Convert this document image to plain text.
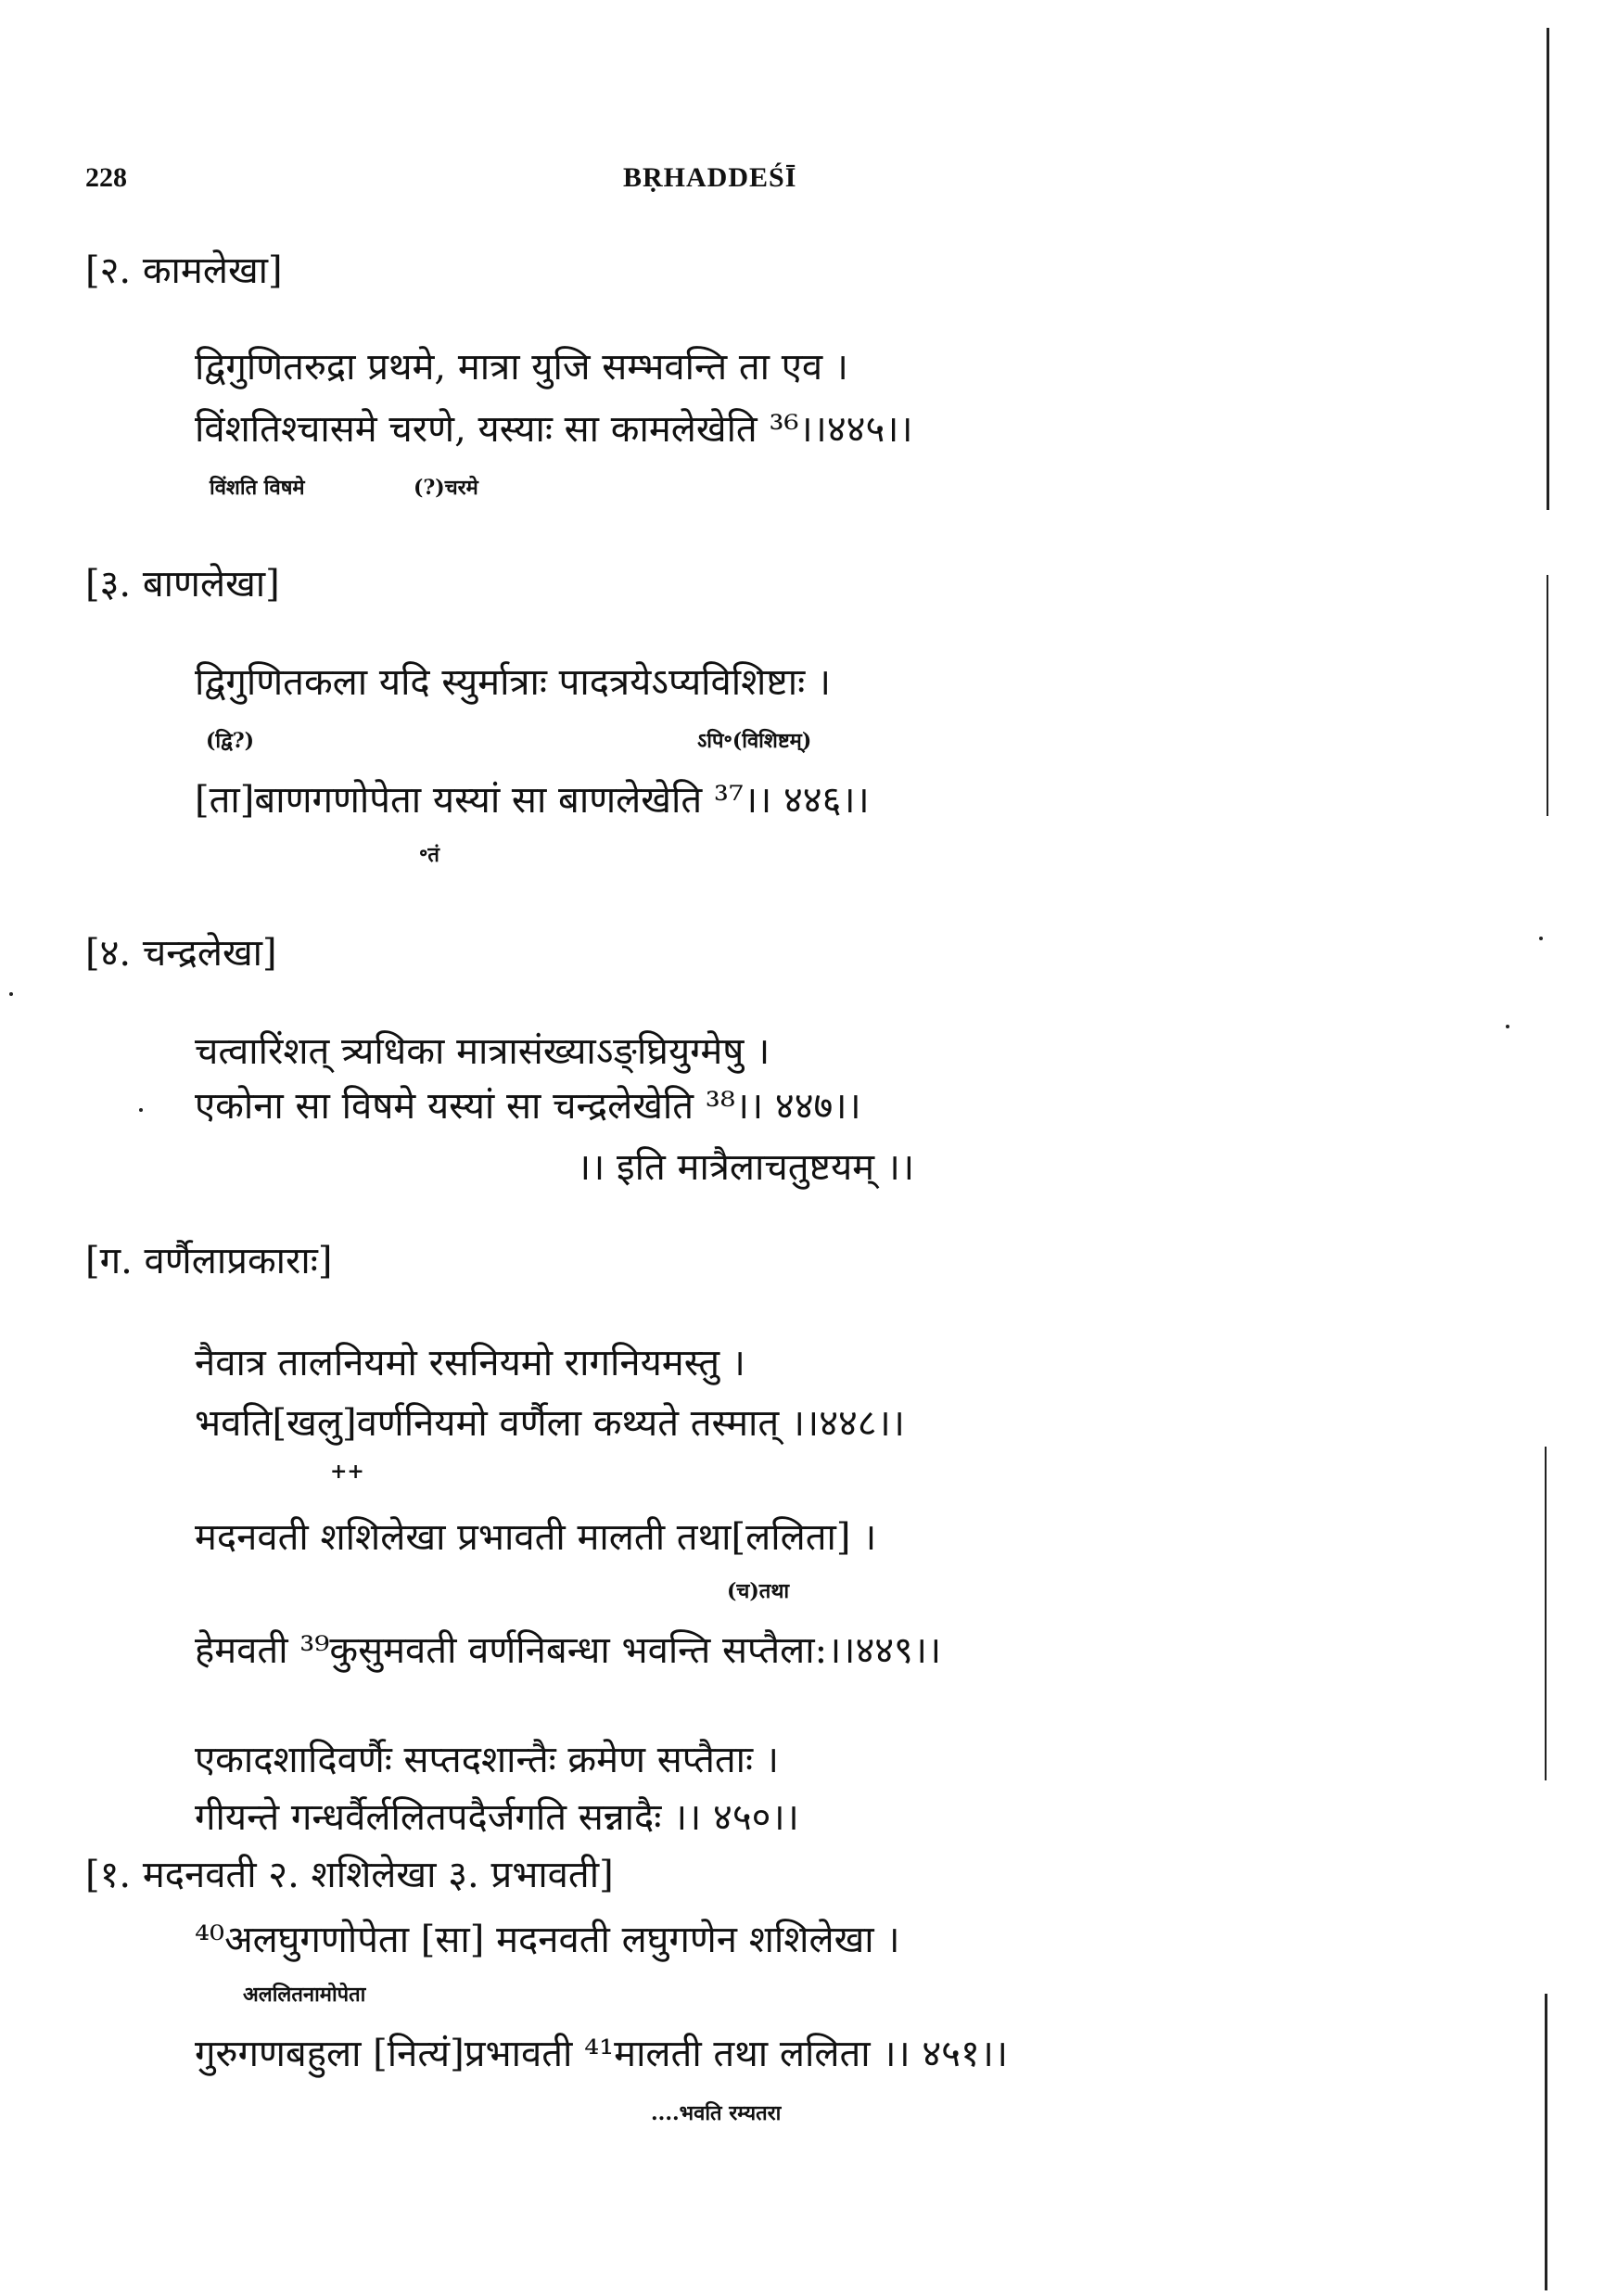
228	BṚHADDEŚĪ
[२. कामलेखा]
द्विगुणितरुद्रा प्रथमे, मात्रा युजि सम्भवन्ति ता एव ।
विंशतिश्चासमे चरणे, यस्याः सा कामलेखेति ³⁶।।४४५।।
विंशति विषमे	(?)चरमे
[३. बाणलेखा]
द्विगुणितकला यदि स्युर्मात्राः पादत्रयेऽप्यविशिष्टाः ।
(द्वि?)	ऽपि॰(विशिष्टम्)
[ता]बाणगणोपेता यस्यां सा बाणलेखेति ³⁷।। ४४६।।
॰तं
[४. चन्द्रलेखा]
चत्वारिंशत् त्र्यधिका मात्रासंख्याऽङ्घ्रियुग्मेषु ।
एकोना सा विषमे यस्यां सा चन्द्रलेखेति ³⁸।। ४४७।।
।। इति मात्रैलाचतुष्टयम् ।।
[ग. वर्णैलाप्रकाराः]
नैवात्र तालनियमो रसनियमो रागनियमस्तु ।
भवति[खलु]वर्णनियमो वर्णैला कथ्यते तस्मात् ।।४४८।।
++
मदनवती शशिलेखा प्रभावती मालती तथा[ललिता] ।
(च)तथा
हेमवती ³⁹कुसुमवती वर्णनिबन्धा भवन्ति सप्तैला:।।४४९।।
एकादशादिवर्णैः सप्तदशान्तैः क्रमेण सप्तैताः ।
गीयन्ते गन्धर्वैर्ललितपदैर्जगति सन्नादैः ।। ४५०।।
[१. मदनवती २. शशिलेखा ३. प्रभावती]
⁴⁰अलघुगणोपेता [सा] मदनवती लघुगणेन शशिलेखा ।
अललितनामोपेता
गुरुगणबहुला [नित्यं]प्रभावती ⁴¹मालती तथा ललिता ।। ४५१।।
....भवति रम्यतरा
